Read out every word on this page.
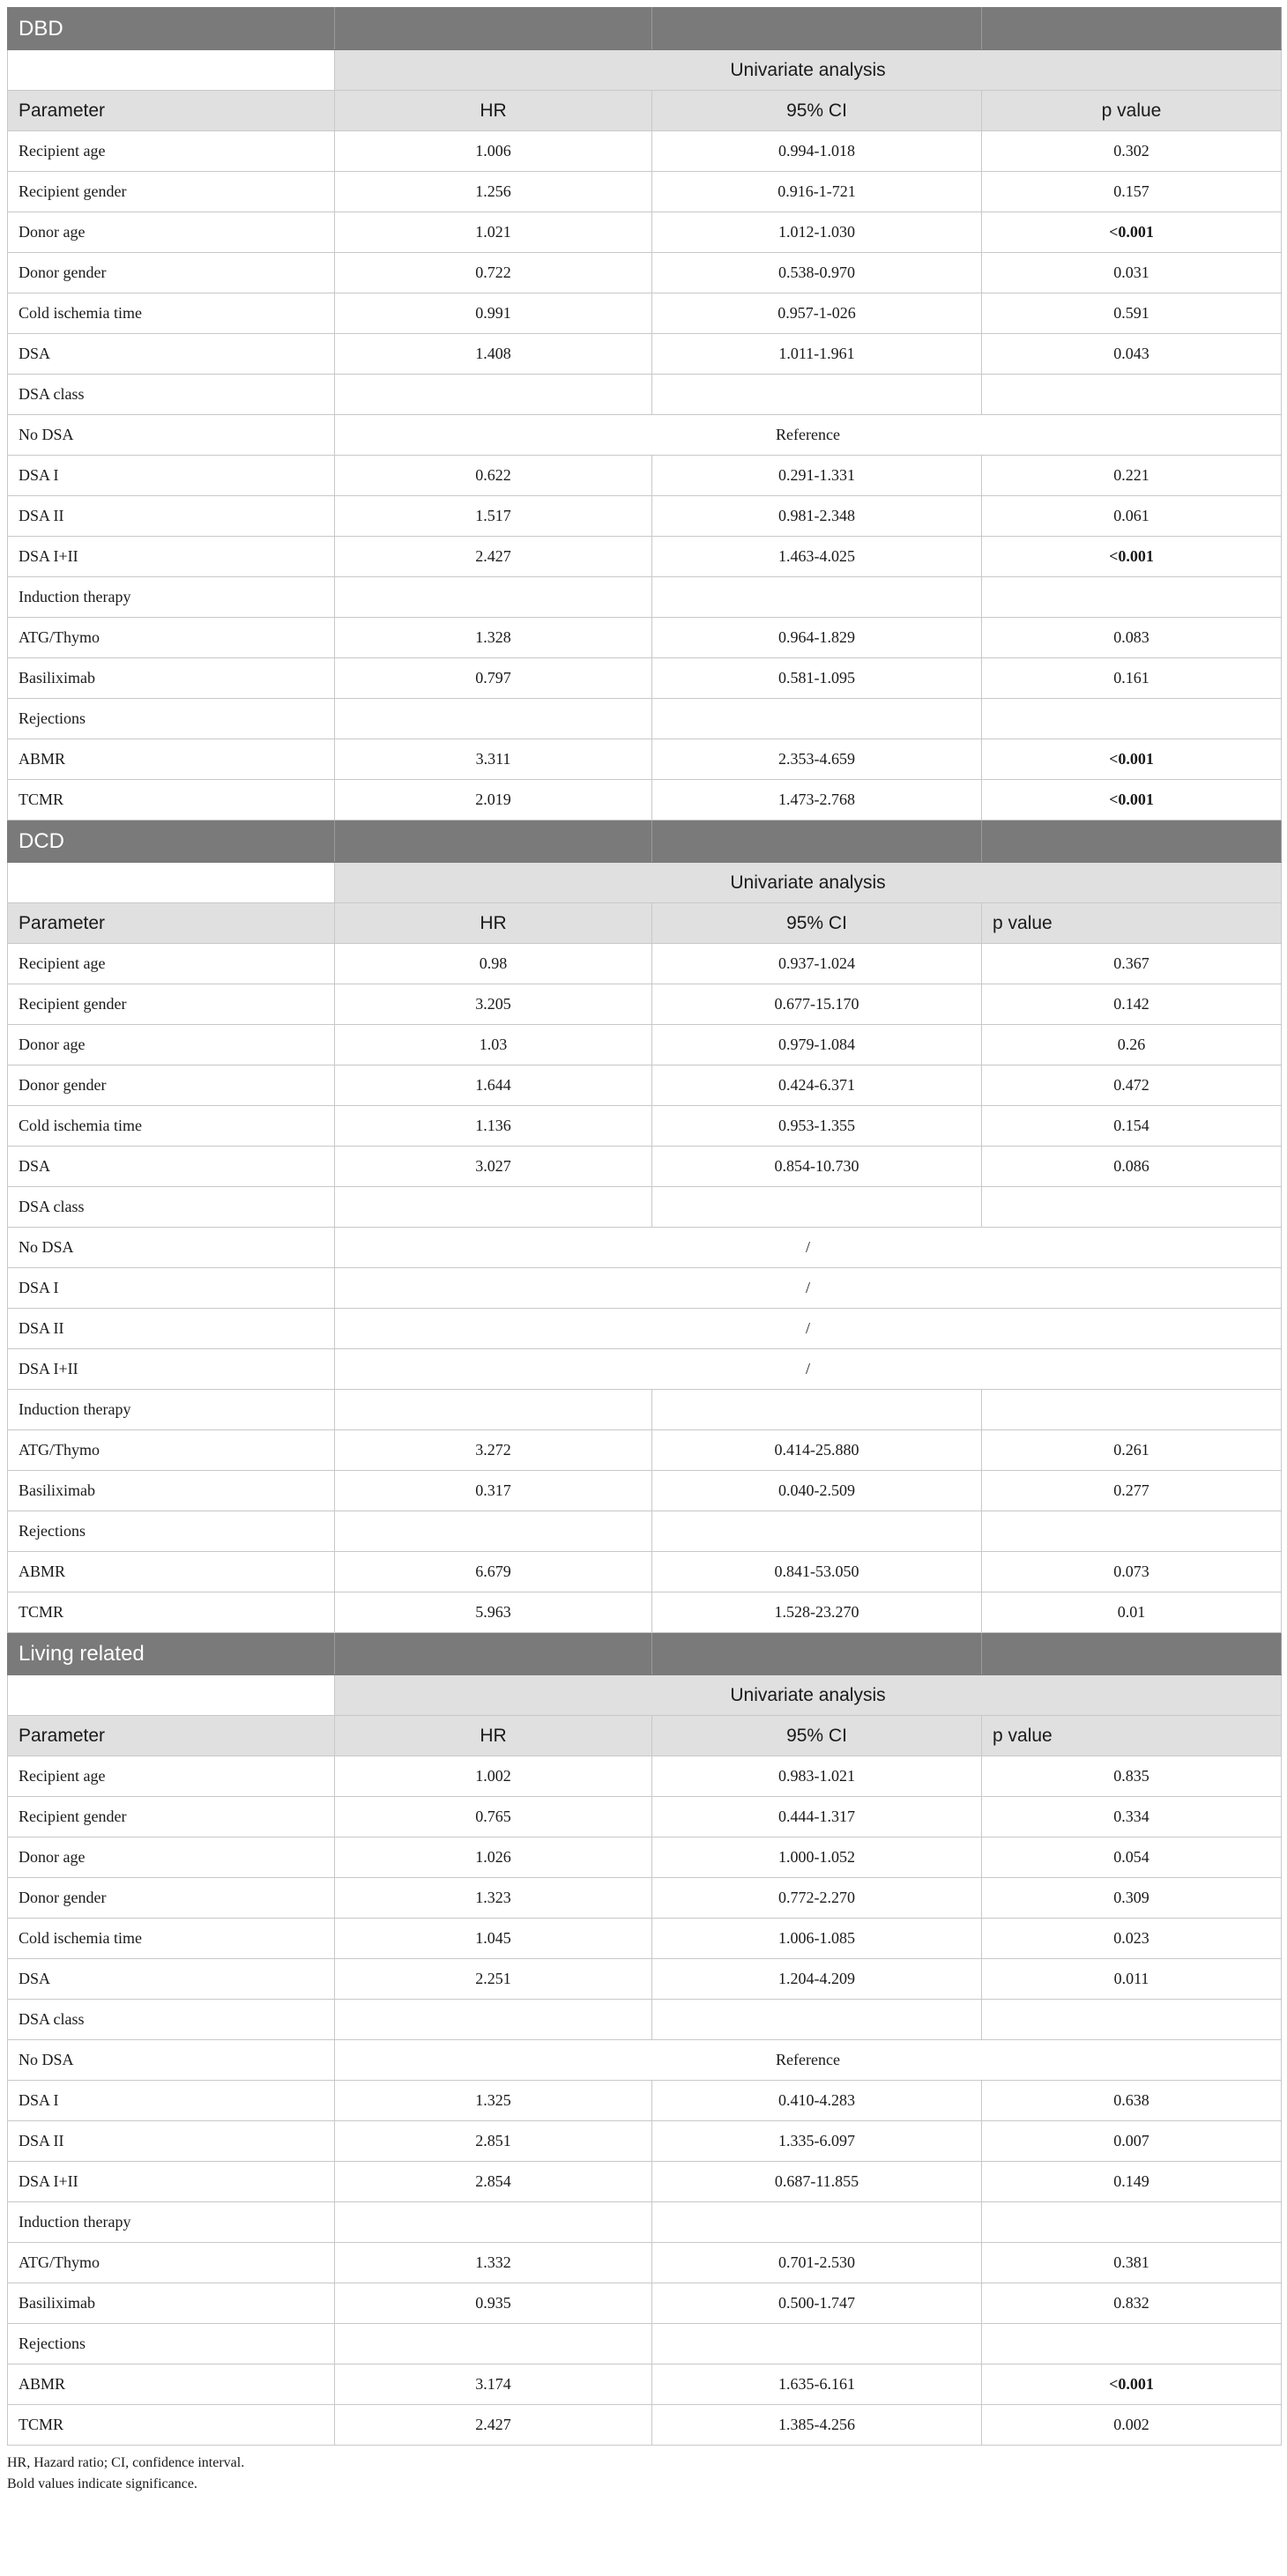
DBD			
	Univariate analysis		
Parameter	HR	95% CI	p value
Recipient age	1.006	0.994-1.018	0.302
Recipient gender	1.256	0.916-1-721	0.157
Donor age	1.021	1.012-1.030	<0.001
Donor gender	0.722	0.538-0.970	0.031
Cold ischemia time	0.991	0.957-1-026	0.591
DSA	1.408	1.011-1.961	0.043
DSA class			
No DSA	Reference		
DSA I	0.622	0.291-1.331	0.221
DSA II	1.517	0.981-2.348	0.061
DSA I+II	2.427	1.463-4.025	<0.001
Induction therapy			
ATG/Thymo	1.328	0.964-1.829	0.083
Basiliximab	0.797	0.581-1.095	0.161
Rejections			
ABMR	3.311	2.353-4.659	<0.001
TCMR	2.019	1.473-2.768	<0.001
DCD			
	Univariate analysis		
Parameter	HR	95% CI	p value
Recipient age	0.98	0.937-1.024	0.367
Recipient gender	3.205	0.677-15.170	0.142
Donor age	1.03	0.979-1.084	0.26
Donor gender	1.644	0.424-6.371	0.472
Cold ischemia time	1.136	0.953-1.355	0.154
DSA	3.027	0.854-10.730	0.086
DSA class			
No DSA	/		
DSA I	/		
DSA II	/		
DSA I+II	/		
Induction therapy			
ATG/Thymo	3.272	0.414-25.880	0.261
Basiliximab	0.317	0.040-2.509	0.277
Rejections			
ABMR	6.679	0.841-53.050	0.073
TCMR	5.963	1.528-23.270	0.01
Living related			
	Univariate analysis		
Parameter	HR	95% CI	p value
Recipient age	1.002	0.983-1.021	0.835
Recipient gender	0.765	0.444-1.317	0.334
Donor age	1.026	1.000-1.052	0.054
Donor gender	1.323	0.772-2.270	0.309
Cold ischemia time	1.045	1.006-1.085	0.023
DSA	2.251	1.204-4.209	0.011
DSA class			
No DSA	Reference		
DSA I	1.325	0.410-4.283	0.638
DSA II	2.851	1.335-6.097	0.007
DSA I+II	2.854	0.687-11.855	0.149
Induction therapy			
ATG/Thymo	1.332	0.701-2.530	0.381
Basiliximab	0.935	0.500-1.747	0.832
Rejections			
ABMR	3.174	1.635-6.161	<0.001
TCMR	2.427	1.385-4.256	0.002
HR, Hazard ratio; CI, confidence interval.
Bold values indicate significance.
